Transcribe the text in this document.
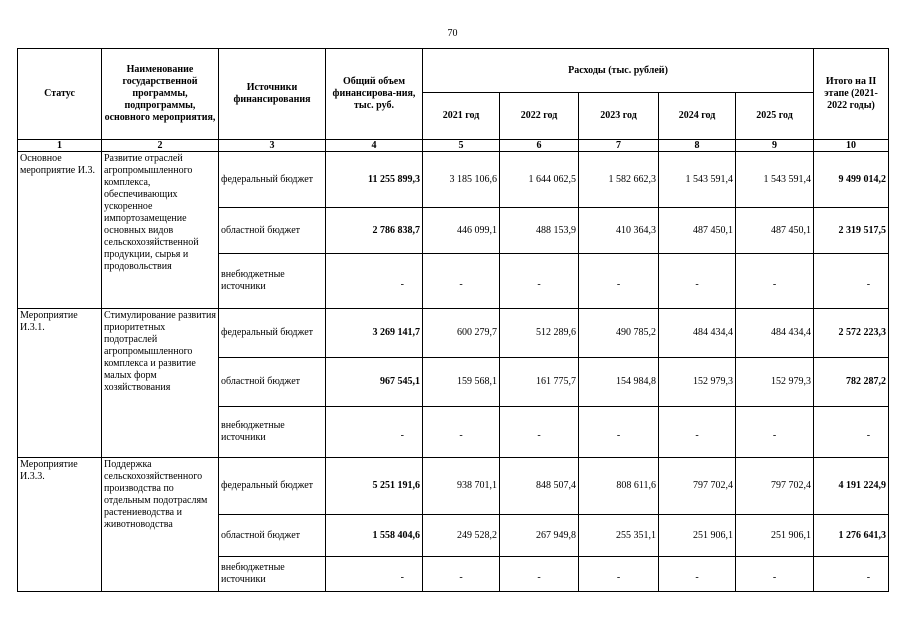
70
Статус	Наименование государственной программы, подпрограммы, основного мероприятия,	Источники финансирования	Общий объем финансирова-ния, тыс. руб.	Расходы (тыс. рублей)					Итого на II этапе (2021-2022 годы)
				2021 год	2022 год	2023 год	2024 год	2025 год	
1	2	3	4	5	6	7	8	9	10
Основное мероприятие И.3.	Развитие отраслей агропромышленного комплекса, обеспечивающих ускоренное импортозамещение основных видов сельскохозяйственной продукции, сырья и продовольствия	федеральный бюджет	11 255 899,3	3 185 106,6	1 644 062,5	1 582 662,3	1 543 591,4	1 543 591,4	9 499 014,2
		областной бюджет	2 786 838,7	446 099,1	488 153,9	410 364,3	487 450,1	487 450,1	2 319 517,5
		внебюджетные источники	-	-	-	-	-	-	-
Мероприятие И.3.1.	Стимулирование развития приоритетных подотраслей агропромышленного комплекса и развитие малых форм хозяйствования	федеральный бюджет	3 269 141,7	600 279,7	512 289,6	490 785,2	484 434,4	484 434,4	2 572 223,3
		областной бюджет	967 545,1	159 568,1	161 775,7	154 984,8	152 979,3	152 979,3	782 287,2
		внебюджетные источники	-	-	-	-	-	-	-
Мероприятие И.3.3.	Поддержка сельскохозяйственного производства по отдельным подотраслям растениеводства и животноводства	федеральный бюджет	5 251 191,6	938 701,1	848 507,4	808 611,6	797 702,4	797 702,4	4 191 224,9
		областной бюджет	1 558 404,6	249 528,2	267 949,8	255 351,1	251 906,1	251 906,1	1 276 641,3
		внебюджетные источники	-	-	-	-	-	-	-
